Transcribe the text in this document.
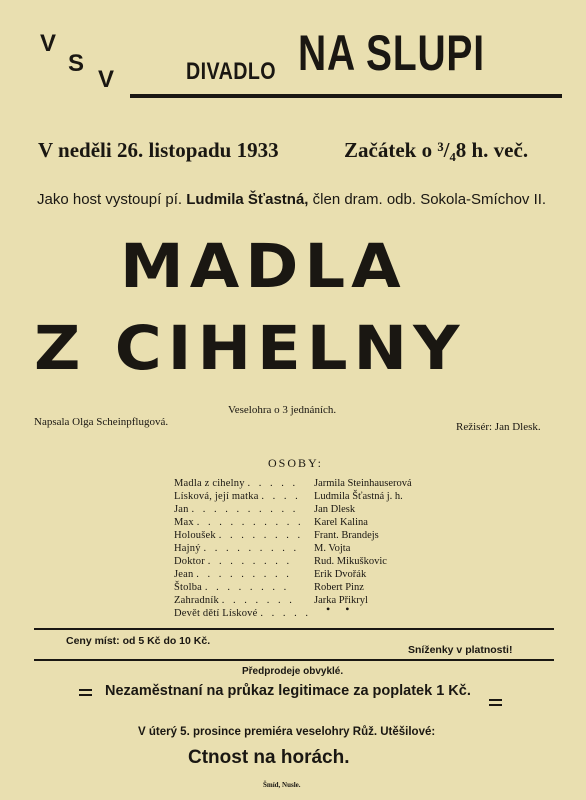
V
S
V	DIVADLO NA SLUPI
V neděli 26. listopadu 1933	Začátek o ³/₄8 h. več.
Jako host vystoupí pí. Ludmila Šťastná, člen dram. odb. Sokola-Smíchov II.
MADLA
Z CIHELNY
Napsala Olga Scheinpflugová.
Veselohra o 3 jednáních.
Režisér: Jan Dlesk.
OSOBY:
Madla z cihelny . . . . . Jarmila Steinhauserová
Lísková, její matka . . . . Ludmila Šťastná j. h.
Jan . . . . . . . . . . Jan Dlesk
Max . . . . . . . . . . Karel Kalina
Holoušek . . . . . . . . Frant. Brandejs
Hajný . . . . . . . . . M. Vojta
Doktor . . . . . . . . Rud. Mikuškovic
Jean . . . . . . . . . Erik Dvořák
Štolba . . . . . . . . Robert Pinz
Zahradník . . . . . . . Jarka Přikryl
Devět dětí Lískové . . . . . • •
Ceny míst: od 5 Kč do 10 Kč.
Snížen​ky v platnosti!
Předprodeje obvyklé.
Nezaměstnaní na průkaz legitimace za poplatek 1 Kč.
V úterý 5. prosince premiéra veselohry Růž. Utěšilové:
Ctnost na horách.
Šmíd, Nusle.
